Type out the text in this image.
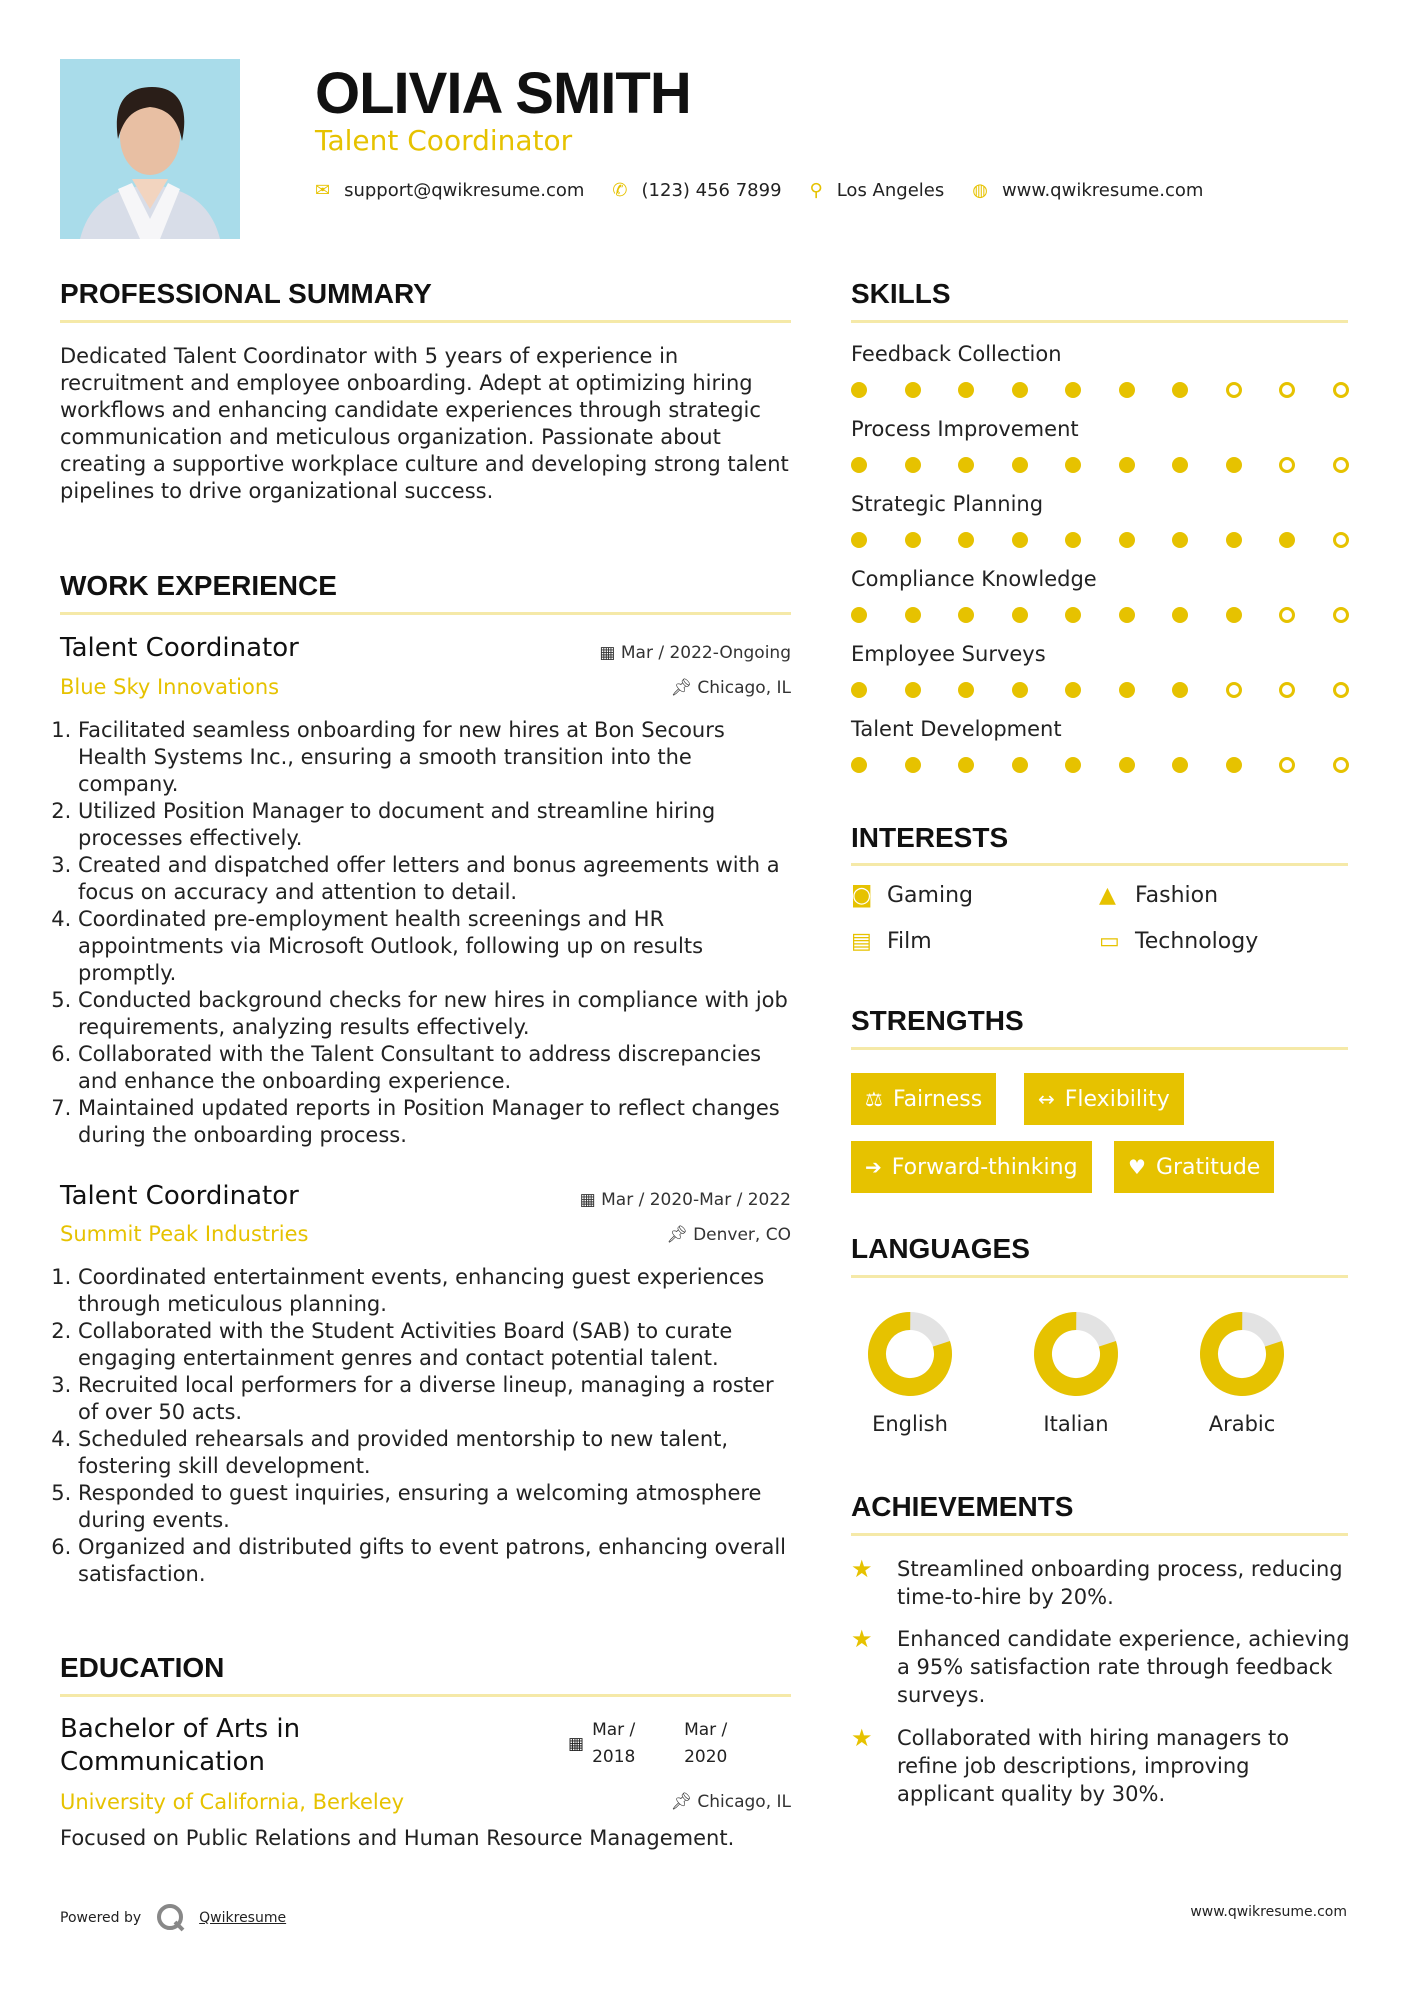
OLIVIA SMITH
Talent Coordinator
✉ support@qwikresume.com ✆ (123) 456 7899 ⚲ Los Angeles ◍ www.qwikresume.com
PROFESSIONAL SUMMARY
Dedicated Talent Coordinator with 5 years of experience in recruitment and employee onboarding. Adept at optimizing hiring workflows and enhancing candidate experiences through strategic communication and meticulous organization. Passionate about creating a supportive workplace culture and developing strong talent pipelines to drive organizational success.
WORK EXPERIENCE
Talent Coordinator	▦ Mar / 2022-Ongoing
Blue Sky Innovations	📌︎ Chicago, IL
1. Facilitated seamless onboarding for new hires at Bon Secours Health Systems Inc., ensuring a smooth transition into the company.
2. Utilized Position Manager to document and streamline hiring processes effectively.
3. Created and dispatched offer letters and bonus agreements with a focus on accuracy and attention to detail.
4. Coordinated pre-employment health screenings and HR appointments via Microsoft Outlook, following up on results promptly.
5. Conducted background checks for new hires in compliance with job requirements, analyzing results effectively.
6. Collaborated with the Talent Consultant to address discrepancies and enhance the onboarding experience.
7. Maintained updated reports in Position Manager to reflect changes during the onboarding process.
Talent Coordinator	▦ Mar / 2020-Mar / 2022
Summit Peak Industries	📌︎ Denver, CO
1. Coordinated entertainment events, enhancing guest experiences through meticulous planning.
2. Collaborated with the Student Activities Board (SAB) to curate engaging entertainment genres and contact potential talent.
3. Recruited local performers for a diverse lineup, managing a roster of over 50 acts.
4. Scheduled rehearsals and provided mentorship to new talent, fostering skill development.
5. Responded to guest inquiries, ensuring a welcoming atmosphere during events.
6. Organized and distributed gifts to event patrons, enhancing overall satisfaction.
EDUCATION
Bachelor of Arts in Communication
▦
Mar / 2018
Mar / 2020
University of California, Berkeley	📌︎ Chicago, IL
Focused on Public Relations and Human Resource Management.
SKILLS
Feedback Collection
Process Improvement
Strategic Planning
Compliance Knowledge
Employee Surveys
Talent Development
INTERESTS
◙ Gaming	▲ Fashion
▤ Film	▭ Technology
STRENGTHS
⚖ Fairness	↔ Flexibility
➔ Forward-thinking	♥ Gratitude
LANGUAGES
English	Italian	Arabic
ACHIEVEMENTS
★	Streamlined onboarding process, reducing time-to-hire by 20%.
★	Enhanced candidate experience, achieving a 95% satisfaction rate through feedback surveys.
★	Collaborated with hiring managers to refine job descriptions, improving applicant quality by 30%.
Powered by	Qwikresume	www.qwikresume.com
